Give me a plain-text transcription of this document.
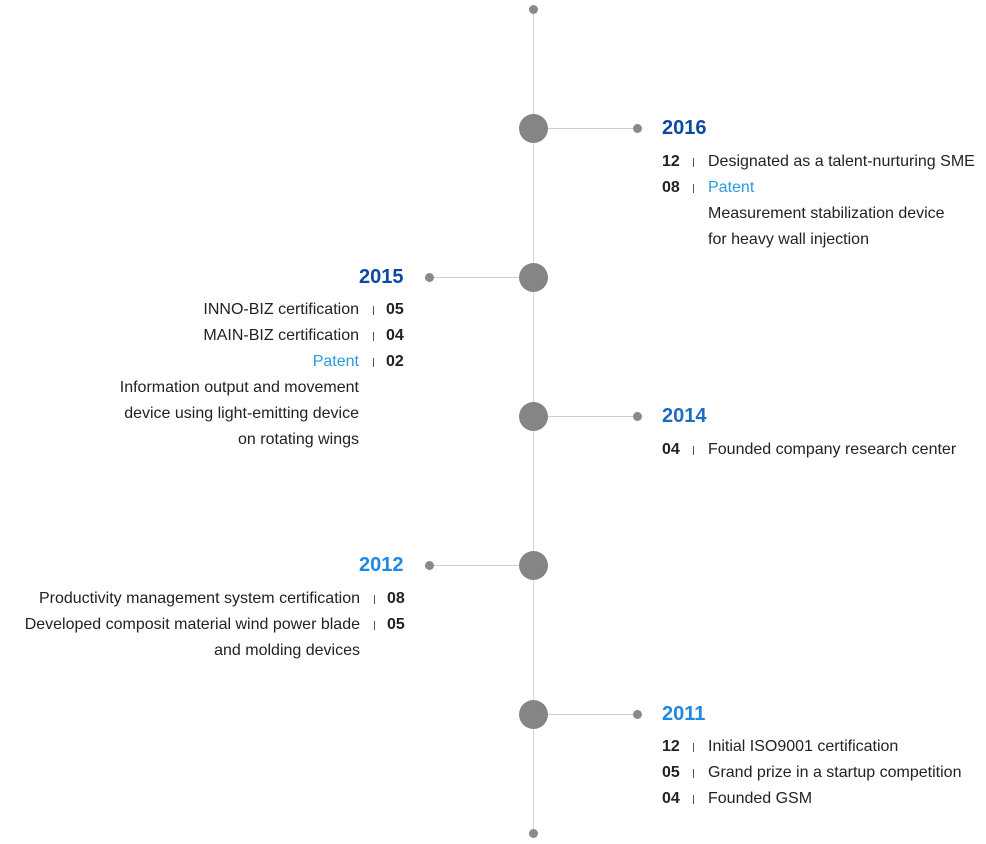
2016
12 Designated as a talent-nurturing SME
08 Patent
Measurement stabilization device
for heavy wall injection
2015
INNO-BIZ certification 05
MAIN-BIZ certification 04
Patent
Information output and movement
device using light-emitting device
on rotating wings
02
2014
04 Founded company research center
2012
Productivity management system certification 08
Developed composit material wind power blade
and molding devices
05
2011
12 Initial ISO9001 certification
05 Grand prize in a startup competition
04 Founded GSM
